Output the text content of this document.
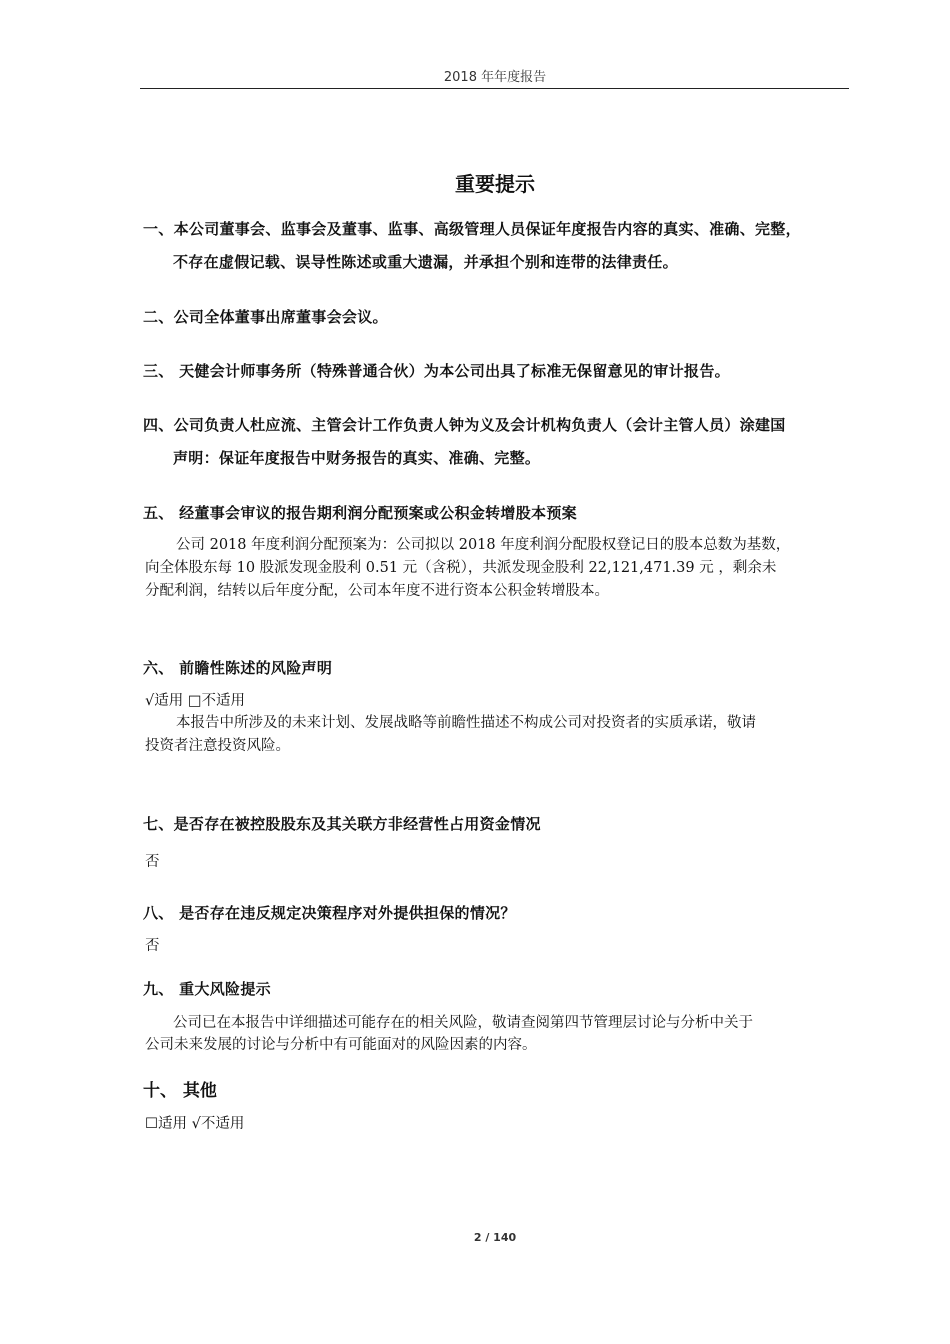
2018 年年度报告
重要提示
一、本公司董事会、监事会及董事、监事、高级管理人员保证年度报告内容的真实、准确、完整，
不存在虚假记载、误导性陈述或重大遗漏，并承担个别和连带的法律责任。
二、公司全体董事出席董事会会议。
三、 天健会计师事务所（特殊普通合伙）为本公司出具了标准无保留意见的审计报告。
四、公司负责人杜应流、主管会计工作负责人钟为义及会计机构负责人（会计主管人员）涂建国
声明：保证年度报告中财务报告的真实、准确、完整。
五、 经董事会审议的报告期利润分配预案或公积金转增股本预案
公司 2018 年度利润分配预案为：公司拟以 2018 年度利润分配股权登记日的股本总数为基数，
向全体股东每 10 股派发现金股利 0.51 元（含税），共派发现金股利 22,121,471.39 元 ，剩余未
分配利润，结转以后年度分配，公司本年度不进行资本公积金转增股本。
六、 前瞻性陈述的风险声明
√适用 □不适用
本报告中所涉及的未来计划、发展战略等前瞻性描述不构成公司对投资者的实质承诺，敬请
投资者注意投资风险。
七、是否存在被控股股东及其关联方非经营性占用资金情况
否
八、 是否存在违反规定决策程序对外提供担保的情况？
否
九、 重大风险提示
公司已在本报告中详细描述可能存在的相关风险，敬请查阅第四节管理层讨论与分析中关于
公司未来发展的讨论与分析中有可能面对的风险因素的内容。
十、 其他
☐适用 √不适用
2 / 140
